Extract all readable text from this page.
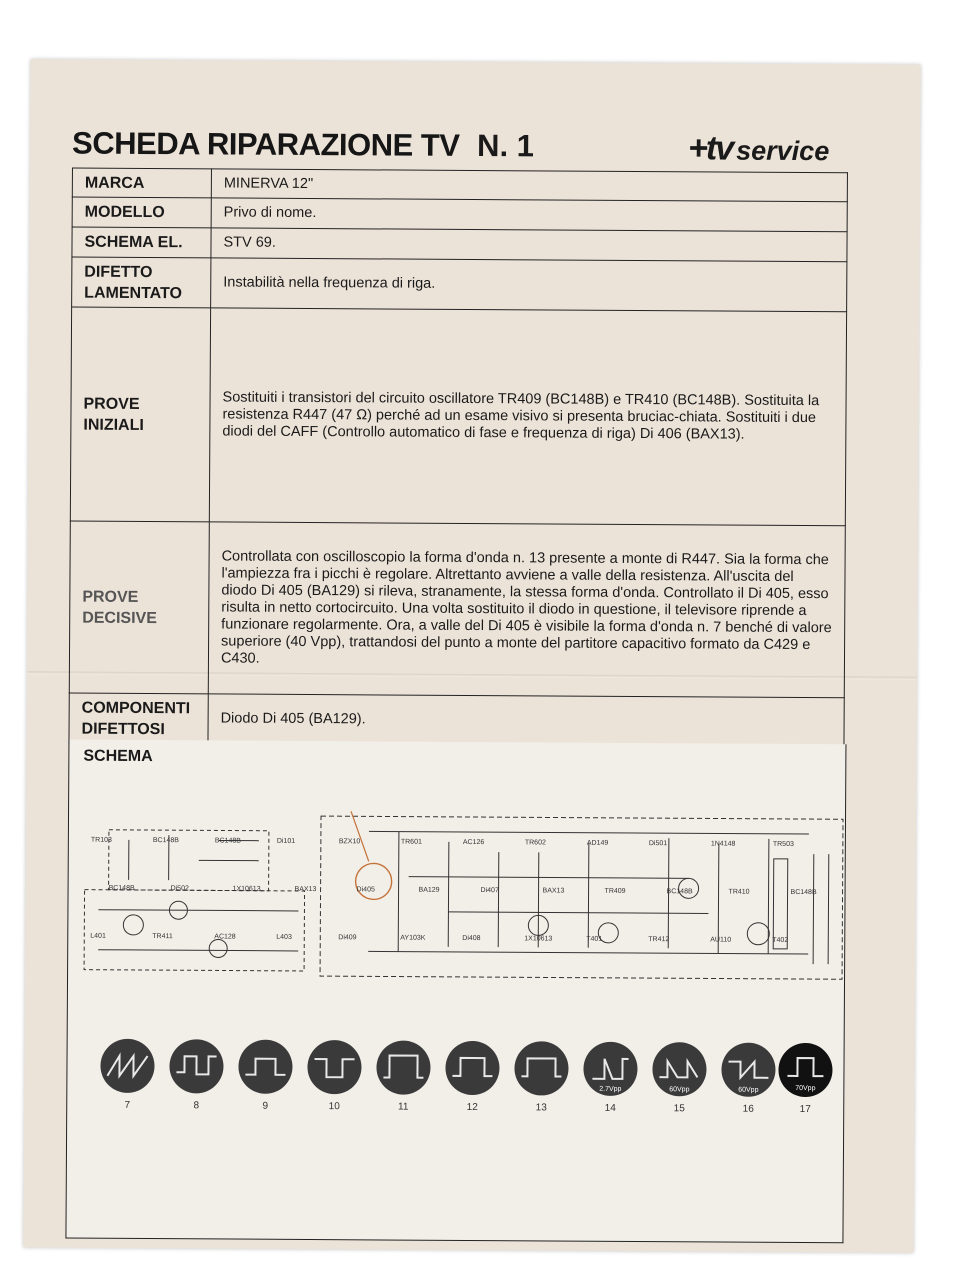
SCHEDA RIPARAZIONE TV N. 1	+tv service
MARCA	MINERVA 12"
MODELLO	Privo di nome.
SCHEMA EL.	STV 69.
DIFETTO LAMENTATO	Instabilità nella frequenza di riga.
PROVE INIZIALI	Sostituiti i transistori del circuito oscillatore TR409 (BC148B) e TR410 (BC148B). Sostituita la resistenza R447 (47 Ω) perché ad un esame visivo si presenta bruciac-chiata. Sostituiti i due diodi del CAFF (Controllo automatico di fase e frequenza di riga) Di 406 (BAX13).
PROVE DECISIVE	Controllata con oscilloscopio la forma d'onda n. 13 presente a monte di R447. Sia la forma che l'ampiezza fra i picchi è regolare. Altrettanto avviene a valle della resistenza. All'uscita del diodo Di 405 (BA129) si rileva, stranamente, la stessa forma d'onda. Controllato il Di 405, esso risulta in netto cortocircuito. Una volta sostituito il diodo in questione, il televisore riprende a funzionare regolarmente. Ora, a valle del Di 405 è visibile la forma d'onda n. 7 benché di valore superiore (40 Vpp), trattandosi del punto a monte del partitore capacitivo formato da C429 e C430.
COMPONENTI DIFETTOSI	Diodo Di 405 (BA129).
SCHEMA
TR103	BC148B	BC148B	Di101	BZX10	TR601	AC126	TR602	AD149	Di501	1N4148	TR503
BC148B	Di502	1X10613	BAX13	Di405	BA129	Di407	BAX13	TR409	BC148B	TR410	BC148B
L401	TR411	AC128	L403	Di409	AY103K	Di408	1X10613	T401	TR412	AU110	T402
7	8	9	10	11	12	13
2.7Vpp
14
60Vpp
15
60Vpp
16
70Vpp
17
